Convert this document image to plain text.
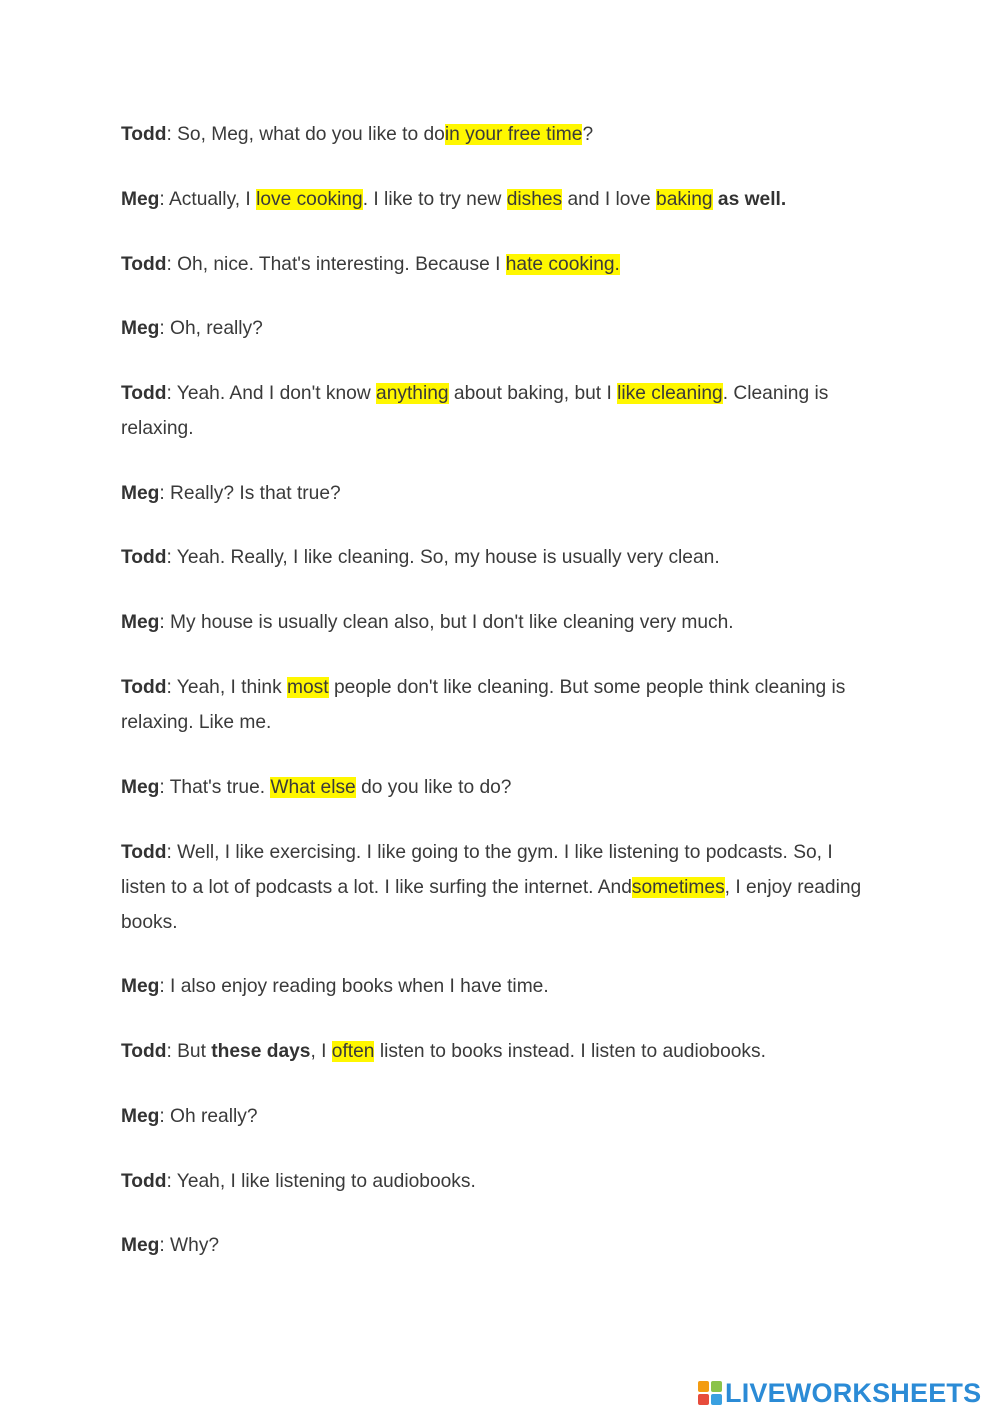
Todd: So, Meg, what do you like to doin your free time?
Meg: Actually, I love cooking. I like to try new dishes and I love baking as well.
Todd: Oh, nice. That's interesting. Because I hate cooking.
Meg: Oh, really?
Todd: Yeah. And I don't know anything about baking, but I like cleaning. Cleaning is relaxing.
Meg: Really? Is that true?
Todd: Yeah. Really, I like cleaning. So, my house is usually very clean.
Meg: My house is usually clean also, but I don't like cleaning very much.
Todd: Yeah, I think most people don't like cleaning. But some people think cleaning is relaxing. Like me.
Meg: That's true. What else do you like to do?
Todd: Well, I like exercising. I like going to the gym. I like listening to podcasts. So, I listen to a lot of podcasts a lot. I like surfing the internet. Andsometimes, I enjoy reading books.
Meg: I also enjoy reading books when I have time.
Todd: But these days, I often listen to books instead. I listen to audiobooks.
Meg: Oh really?
Todd: Yeah, I like listening to audiobooks.
Meg: Why?
LIVEWORKSHEETS
